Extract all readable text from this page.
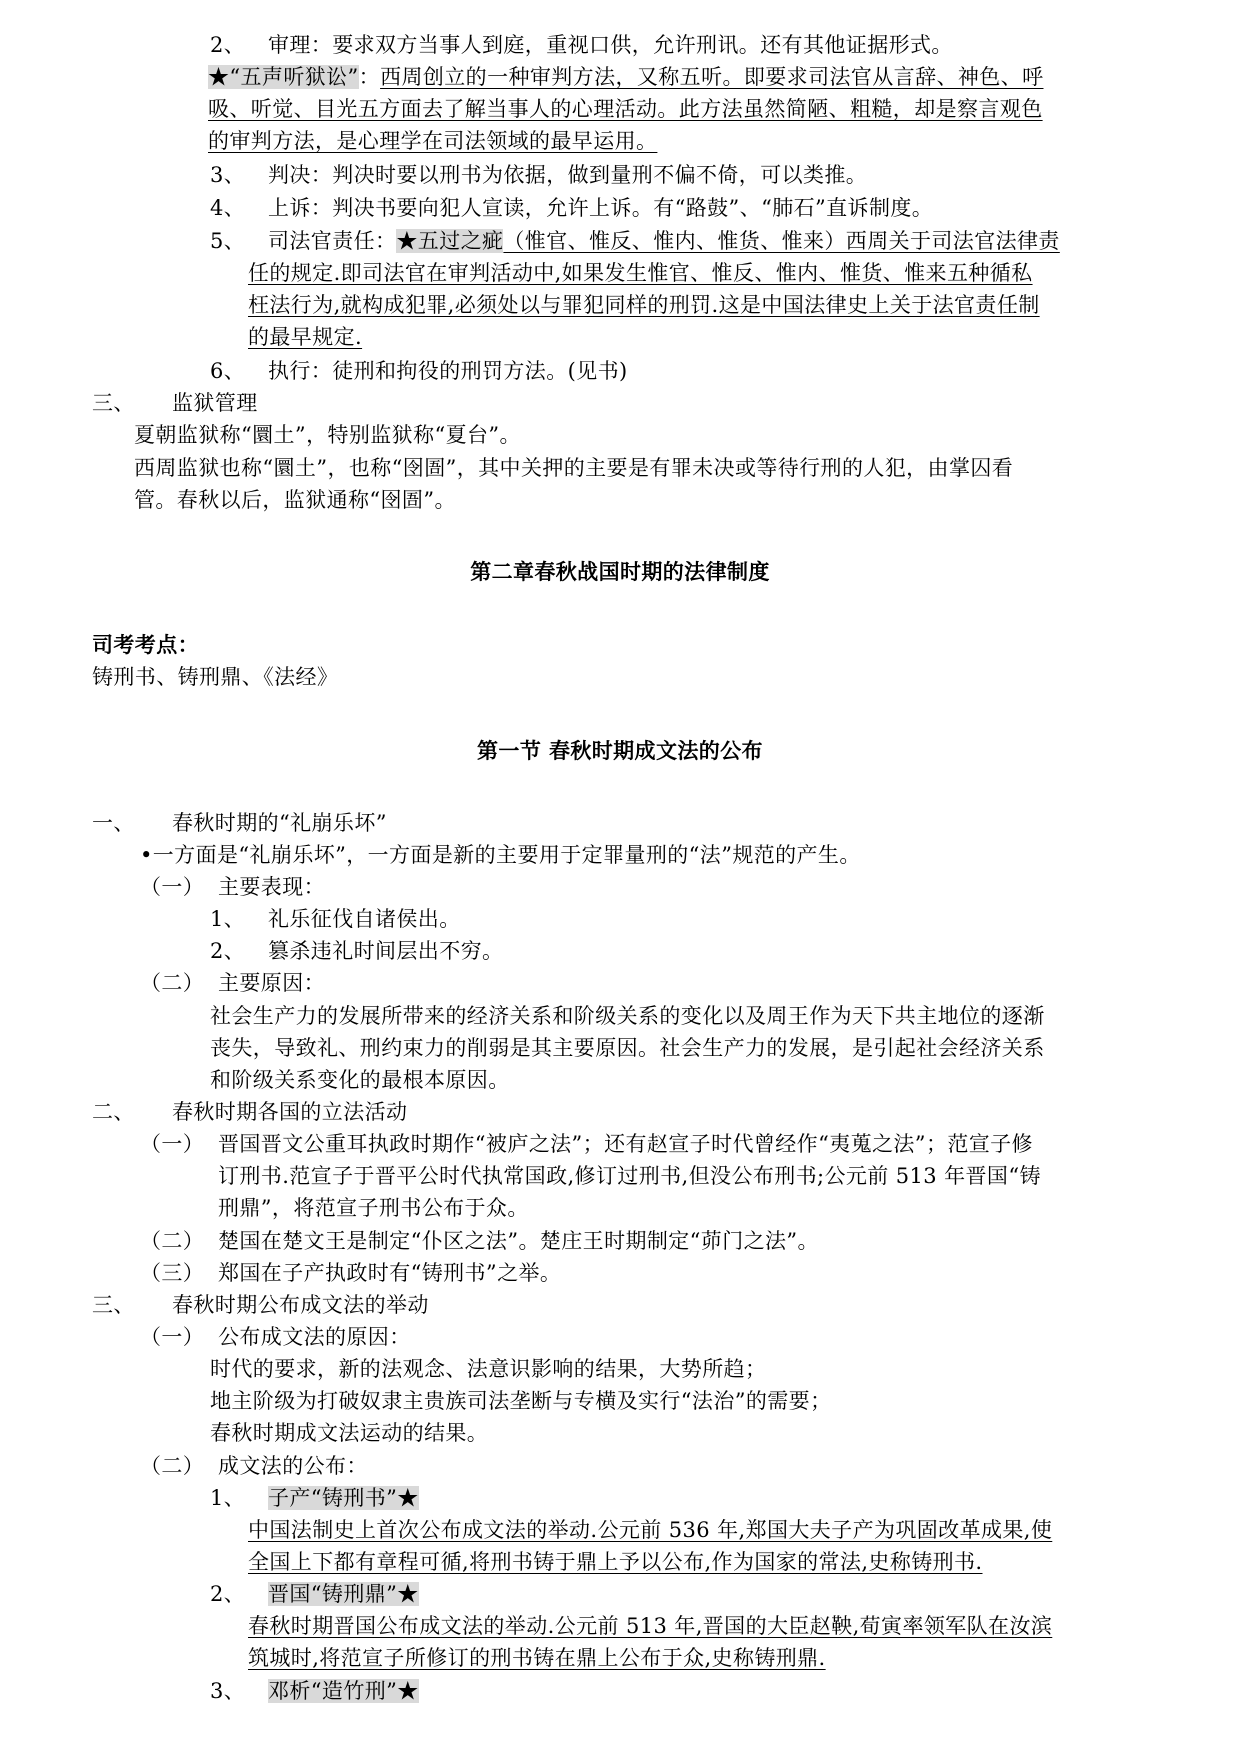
2、 审理：要求双方当事人到庭，重视口供，允许刑讯。还有其他证据形式。
★“五声听狱讼”：西周创立的一种审判方法，又称五听。即要求司法官从言辞、神色、呼
吸、听觉、目光五方面去了解当事人的心理活动。此方法虽然简陋、粗糙，却是察言观色
的审判方法，是心理学在司法领域的最早运用。
3、 判决：判决时要以刑书为依据，做到量刑不偏不倚，可以类推。
4、 上诉：判决书要向犯人宣读，允许上诉。有“路鼓”、“肺石”直诉制度。
5、 司法官责任：★五过之疵（惟官、惟反、惟内、惟货、惟来）西周关于司法官法律责
任的规定.即司法官在审判活动中,如果发生惟官、惟反、惟内、惟货、惟来五种循私
枉法行为,就构成犯罪,必须处以与罪犯同样的刑罚.这是中国法律史上关于法官责任制
的最早规定.
6、 执行：徒刑和拘役的刑罚方法。(见书)
三、 监狱管理
夏朝监狱称“圜土”，特别监狱称“夏台”。
西周监狱也称“圜土”，也称“囹圄”，其中关押的主要是有罪未决或等待行刑的人犯，由掌囚看
管。春秋以后，监狱通称“囹圄”。
第二章春秋战国时期的法律制度
司考考点：
铸刑书、铸刑鼎、《法经》
第一节 春秋时期成文法的公布
一、 春秋时期的“礼崩乐坏”
•一方面是“礼崩乐坏”，一方面是新的主要用于定罪量刑的“法”规范的产生。
（一） 主要表现：
1、 礼乐征伐自诸侯出。
2、 篡杀违礼时间层出不穷。
（二） 主要原因：
社会生产力的发展所带来的经济关系和阶级关系的变化以及周王作为天下共主地位的逐渐
丧失，导致礼、刑约束力的削弱是其主要原因。社会生产力的发展，是引起社会经济关系
和阶级关系变化的最根本原因。
二、 春秋时期各国的立法活动
（一） 晋国晋文公重耳执政时期作“被庐之法”；还有赵宣子时代曾经作“夷蒐之法”；范宣子修
订刑书.范宣子于晋平公时代执常国政,修订过刑书,但没公布刑书;公元前 513 年晋国“铸
刑鼎”，将范宣子刑书公布于众。
（二） 楚国在楚文王是制定“仆区之法”。楚庄王时期制定“茆门之法”。
（三） 郑国在子产执政时有“铸刑书”之举。
三、 春秋时期公布成文法的举动
（一） 公布成文法的原因：
时代的要求，新的法观念、法意识影响的结果，大势所趋；
地主阶级为打破奴隶主贵族司法垄断与专横及实行“法治”的需要；
春秋时期成文法运动的结果。
（二） 成文法的公布：
1、 子产“铸刑书”★
中国法制史上首次公布成文法的举动.公元前 536 年,郑国大夫子产为巩固改革成果,使
全国上下都有章程可循,将刑书铸于鼎上予以公布,作为国家的常法,史称铸刑书.
2、 晋国“铸刑鼎”★
春秋时期晋国公布成文法的举动.公元前 513 年,晋国的大臣赵鞅,荀寅率领军队在汝滨
筑城时,将范宣子所修订的刑书铸在鼎上公布于众,史称铸刑鼎.
3、 邓析“造竹刑”★
